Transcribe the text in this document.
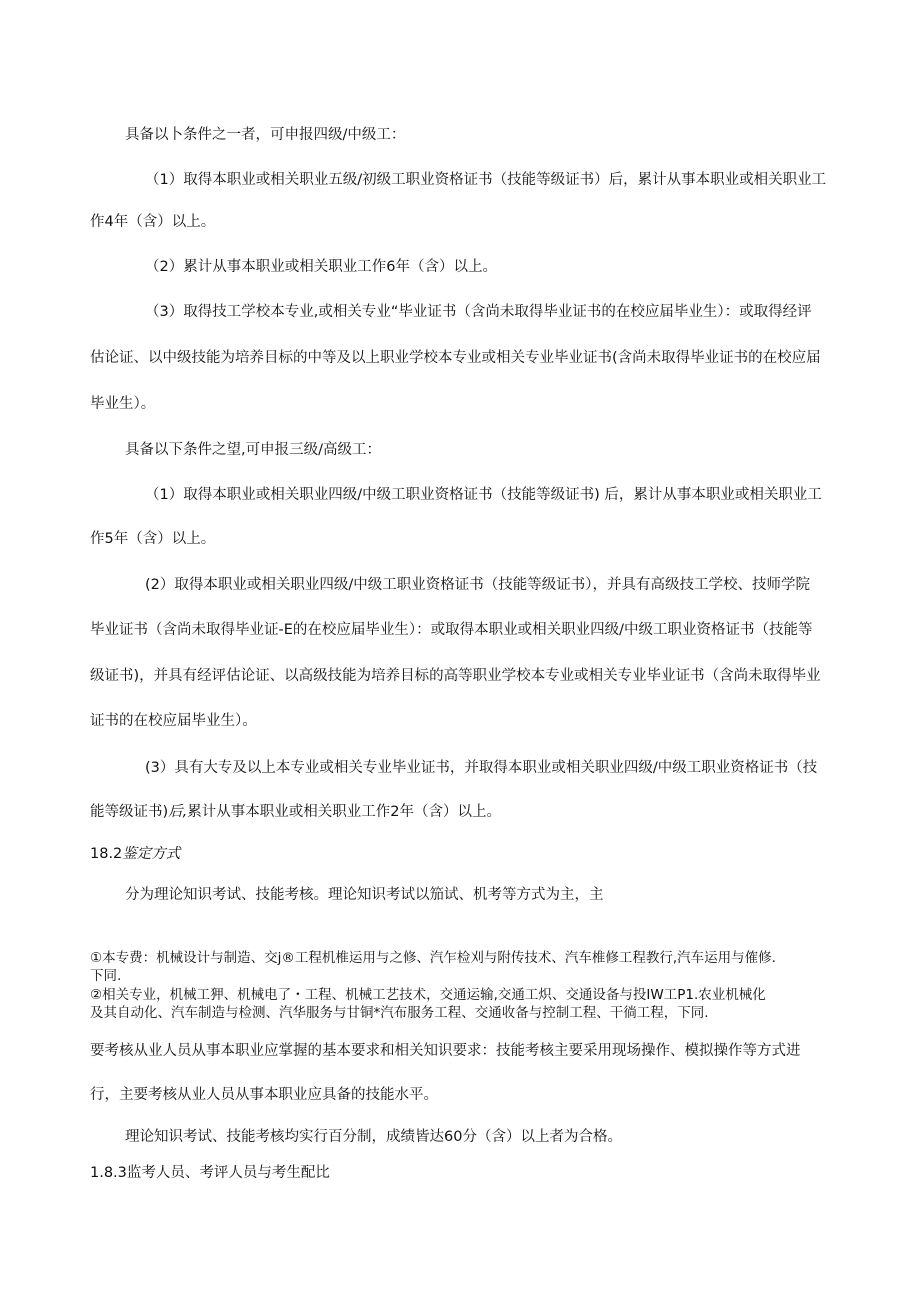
具备以卜条件之一者，可申报四级/中级工：
（1）取得本职业或相关职业五级/初级工职业资格证书（技能等级证书）后，累计从事本职业或相关职业工
作4年（含）以上。
（2）累计从事本职业或相关职业工作6年（含）以上。
（3）取得技工学校本专业,或相关专业“毕业证书（含尚未取得毕业证书的在校应届毕业生）：或取得经评
估论证、以中级技能为培养目标的中等及以上职业学校本专业或相关专业毕业证书(含尚未取得毕业证书的在校应届
毕业生）。
具备以下条件之望,可申报三级/高级工：
（1）取得本职业或相关职业四级/中级工职业资格证书（技能等级证书) 后，累计从事本职业或相关职业工
作5年（含）以上。
(2）取得本职业或相关职业四级/中级工职业资格证书（技能等级证书），并具有高级技工学校、技师学院
毕业证书（含尚未取得毕业证-E的在校应届毕业生）：或取得本职业或相关职业四级/中级工职业资格证书（技能等
级证书)，并具有经评估论证、以高级技能为培养目标的高等职业学校本专业或相关专业毕业证书（含尚未取得毕业
证书的在校应届毕业生）。
(3）具有大专及以上本专业或相关专业毕业证书，并取得本职业或相关职业四级/中级工职业资格证书（技
能等级证书)后,累计从事本职业或相关职业工作2年（含）以上。
18.2鉴定方式
分为理论知识考试、技能考核。理论知识考试以笳试、机考等方式为主，主
①本专费：机械设计与制造、交j®工程机椎运用与之修、汽乍检刈与附传技术、汽车椎修工程教行,汽车运用与傕修.
下同.
②相关专业，机械工狎、机械电了・工程、机械工艺技术，交通运输,交通工炽、交通设备与投IW工P1.农业机械化
及其自动化、汽车制造与检测、汽华服务与甘铜*汽布服务工程、交通收备与控制工程、干徜工程，下同.
要考核从业人员从事本职业应掌握的基本要求和相关知识要求：技能考核主要采用现场操作、模拟操作等方式进
行，主要考核从业人员从事本职业应具备的技能水平。
理论知识考试、技能考核均实行百分制，成绩皆达60分（含）以上者为合格。
1.8.3监考人员、考评人员与考生配比
